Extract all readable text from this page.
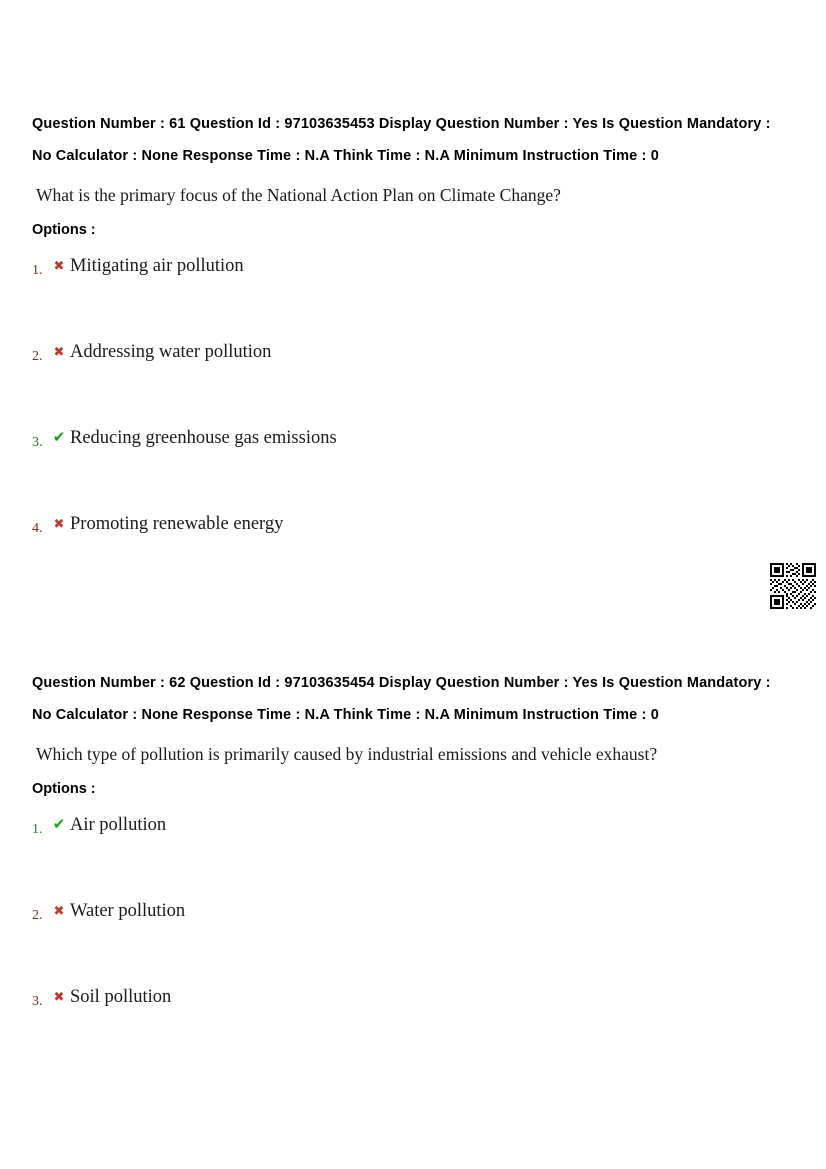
Question Number : 61 Question Id : 97103635453 Display Question Number : Yes Is Question Mandatory : No Calculator : None Response Time : N.A Think Time : N.A Minimum Instruction Time : 0
What is the primary focus of the National Action Plan on Climate Change?
Options :
1. ✖ Mitigating air pollution
2. ✖ Addressing water pollution
3. ✔ Reducing greenhouse gas emissions
4. ✖ Promoting renewable energy
Question Number : 62 Question Id : 97103635454 Display Question Number : Yes Is Question Mandatory : No Calculator : None Response Time : N.A Think Time : N.A Minimum Instruction Time : 0
Which type of pollution is primarily caused by industrial emissions and vehicle exhaust?
Options :
1. ✔ Air pollution
2. ✖ Water pollution
3. ✖ Soil pollution
